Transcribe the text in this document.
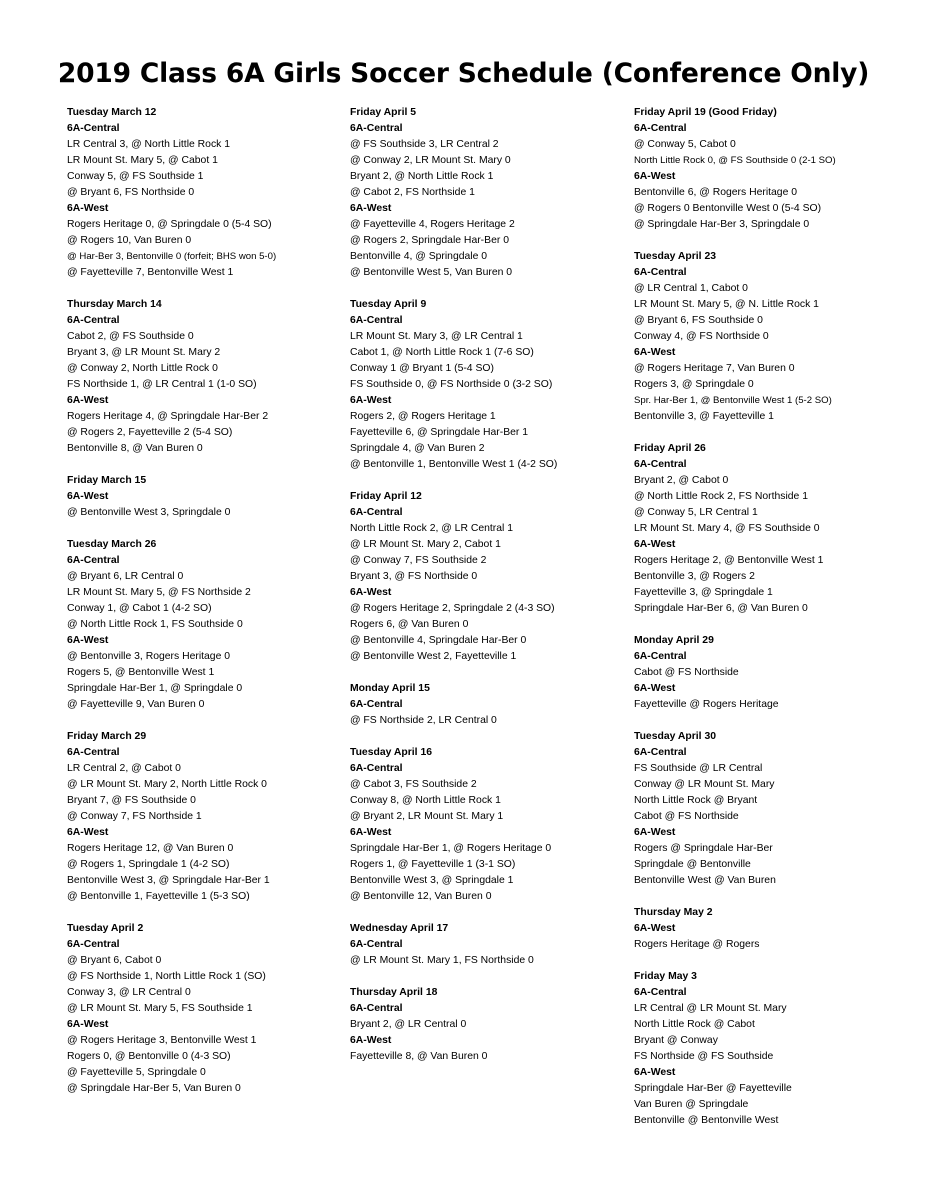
2019 Class 6A Girls Soccer Schedule (Conference Only)
Tuesday March 12
6A-Central
LR Central 3, @ North Little Rock 1
LR Mount St. Mary 5, @ Cabot 1
Conway 5, @ FS Southside 1
@ Bryant 6, FS Northside 0
6A-West
Rogers Heritage 0, @ Springdale 0 (5-4 SO)
@ Rogers 10, Van Buren 0
@ Har-Ber 3, Bentonville 0 (forfeit; BHS won 5-0)
@ Fayetteville 7, Bentonville West 1
Thursday March 14
6A-Central
Cabot 2, @ FS Southside 0
Bryant 3, @ LR Mount St. Mary 2
@ Conway 2, North Little Rock 0
FS Northside 1, @ LR Central 1 (1-0 SO)
6A-West
Rogers Heritage 4, @ Springdale Har-Ber 2
@ Rogers 2, Fayetteville 2 (5-4 SO)
Bentonville 8, @ Van Buren 0
Friday March 15
6A-West
@ Bentonville West 3, Springdale 0
Tuesday March 26
6A-Central
@ Bryant 6, LR Central 0
LR Mount St. Mary 5, @ FS Northside 2
Conway 1, @ Cabot 1 (4-2 SO)
@ North Little Rock 1, FS Southside 0
6A-West
@ Bentonville 3, Rogers Heritage 0
Rogers 5, @ Bentonville West 1
Springdale Har-Ber 1, @ Springdale 0
@ Fayetteville 9, Van Buren 0
Friday March 29
6A-Central
LR Central 2, @ Cabot 0
@ LR Mount St. Mary 2, North Little Rock 0
Bryant 7, @ FS Southside 0
@ Conway 7, FS Northside 1
6A-West
Rogers Heritage 12, @ Van Buren 0
@ Rogers 1, Springdale 1 (4-2 SO)
Bentonville West 3, @ Springdale Har-Ber 1
@ Bentonville 1, Fayetteville 1 (5-3 SO)
Tuesday April 2
6A-Central
@ Bryant 6, Cabot 0
@ FS Northside 1, North Little Rock 1 (SO)
Conway 3, @ LR Central 0
@ LR Mount St. Mary 5, FS Southside 1
6A-West
@ Rogers Heritage 3, Bentonville West 1
Rogers 0, @ Bentonville 0 (4-3 SO)
@ Fayetteville 5, Springdale 0
@ Springdale Har-Ber 5, Van Buren 0
Friday April 5
6A-Central
@ FS Southside 3, LR Central 2
@ Conway 2, LR Mount St. Mary 0
Bryant 2, @ North Little Rock 1
@ Cabot 2, FS Northside 1
6A-West
@ Fayetteville 4, Rogers Heritage 2
@ Rogers 2, Springdale Har-Ber 0
Bentonville 4, @ Springdale 0
@ Bentonville West 5, Van Buren 0
Tuesday April 9
6A-Central
LR Mount St. Mary 3, @ LR Central 1
Cabot 1, @ North Little Rock 1 (7-6 SO)
Conway 1 @ Bryant 1 (5-4 SO)
FS Southside 0, @ FS Northside 0 (3-2 SO)
6A-West
Rogers 2, @ Rogers Heritage 1
Fayetteville 6, @ Springdale Har-Ber 1
Springdale 4, @ Van Buren 2
@ Bentonville 1, Bentonville West 1 (4-2 SO)
Friday April 12
6A-Central
North Little Rock 2, @ LR Central 1
@ LR Mount St. Mary 2, Cabot 1
@ Conway 7, FS Southside 2
Bryant 3, @ FS Northside 0
6A-West
@ Rogers Heritage 2, Springdale 2 (4-3 SO)
Rogers 6, @ Van Buren 0
@ Bentonville 4, Springdale Har-Ber 0
@ Bentonville West 2, Fayetteville 1
Monday April 15
6A-Central
@ FS Northside 2, LR Central 0
Tuesday April 16
6A-Central
@ Cabot 3, FS Southside 2
Conway 8, @ North Little Rock 1
@ Bryant 2, LR Mount St. Mary 1
6A-West
Springdale Har-Ber 1, @ Rogers Heritage 0
Rogers 1, @ Fayetteville 1 (3-1 SO)
Bentonville West 3, @ Springdale 1
@ Bentonville 12, Van Buren 0
Wednesday April 17
6A-Central
@ LR Mount St. Mary 1, FS Northside 0
Thursday April 18
6A-Central
Bryant 2, @ LR Central 0
6A-West
Fayetteville 8, @ Van Buren 0
Friday April 19 (Good Friday)
6A-Central
@ Conway 5, Cabot 0
North Little Rock 0, @ FS Southside 0 (2-1 SO)
6A-West
Bentonville 6, @ Rogers Heritage 0
@ Rogers 0 Bentonville West 0 (5-4 SO)
@ Springdale Har-Ber 3, Springdale 0
Tuesday April 23
6A-Central
@ LR Central 1, Cabot 0
LR Mount St. Mary 5, @ N. Little Rock 1
@ Bryant 6, FS Southside 0
Conway 4, @ FS Northside 0
6A-West
@ Rogers Heritage 7, Van Buren 0
Rogers 3, @ Springdale 0
Spr. Har-Ber 1, @ Bentonville West 1 (5-2 SO)
Bentonville 3, @ Fayetteville 1
Friday April 26
6A-Central
Bryant 2, @ Cabot 0
@ North Little Rock 2, FS Northside 1
@ Conway 5, LR Central 1
LR Mount St. Mary 4, @ FS Southside 0
6A-West
Rogers Heritage 2, @ Bentonville West 1
Bentonville 3, @ Rogers 2
Fayetteville 3, @ Springdale 1
Springdale Har-Ber 6, @ Van Buren 0
Monday April 29
6A-Central
Cabot @ FS Northside
6A-West
Fayetteville @ Rogers Heritage
Tuesday April 30
6A-Central
FS Southside @ LR Central
Conway @ LR Mount St. Mary
North Little Rock @ Bryant
Cabot @ FS Northside
6A-West
Rogers @ Springdale Har-Ber
Springdale @ Bentonville
Bentonville West @ Van Buren
Thursday May 2
6A-West
Rogers Heritage @ Rogers
Friday May 3
6A-Central
LR Central @ LR Mount St. Mary
North Little Rock @ Cabot
Bryant @ Conway
FS Northside @ FS Southside
6A-West
Springdale Har-Ber @ Fayetteville
Van Buren @ Springdale
Bentonville @ Bentonville West
